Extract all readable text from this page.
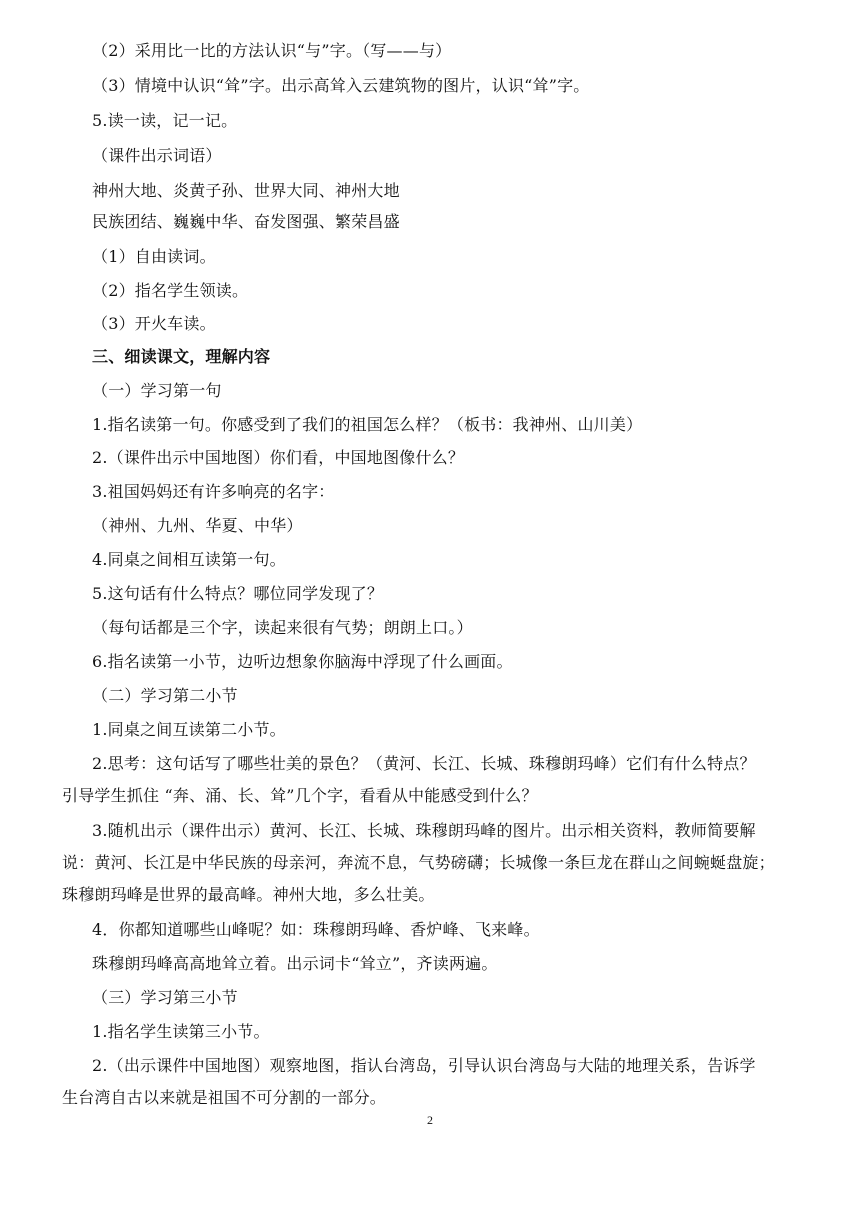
（2）采用比一比的方法认识“与”字。（写——与）
（3）情境中认识“耸”字。出示高耸入云建筑物的图片，认识“耸”字。
5.读一读，记一记。
（课件出示词语）
神州大地、炎黄子孙、世界大同、神州大地
民族团结、巍巍中华、奋发图强、繁荣昌盛
（1）自由读词。
（2）指名学生领读。
（3）开火车读。
三、细读课文，理解内容
（一）学习第一句
1.指名读第一句。你感受到了我们的祖国怎么样？（板书：我神州、山川美）
2.（课件出示中国地图）你们看，中国地图像什么？
3.祖国妈妈还有许多响亮的名字：
（神州、九州、华夏、中华）
4.同桌之间相互读第一句。
5.这句话有什么特点？哪位同学发现了？
（每句话都是三个字，读起来很有气势；朗朗上口。）
6.指名读第一小节，边听边想象你脑海中浮现了什么画面。
（二）学习第二小节
1.同桌之间互读第二小节。
2.思考：这句话写了哪些壮美的景色？（黄河、长江、长城、珠穆朗玛峰）它们有什么特点？
引导学生抓住 “奔、涌、长、耸”几个字，看看从中能感受到什么？
3.随机出示（课件出示）黄河、长江、长城、珠穆朗玛峰的图片。出示相关资料，教师简要解
说：黄河、长江是中华民族的母亲河，奔流不息，气势磅礴；长城像一条巨龙在群山之间蜿蜒盘旋；
珠穆朗玛峰是世界的最高峰。神州大地，多么壮美。
4．你都知道哪些山峰呢？如：珠穆朗玛峰、香炉峰、飞来峰。
珠穆朗玛峰高高地耸立着。出示词卡“耸立”，齐读两遍。
（三）学习第三小节
1.指名学生读第三小节。
2.（出示课件中国地图）观察地图，指认台湾岛，引导认识台湾岛与大陆的地理关系，告诉学
生台湾自古以来就是祖国不可分割的一部分。
2
